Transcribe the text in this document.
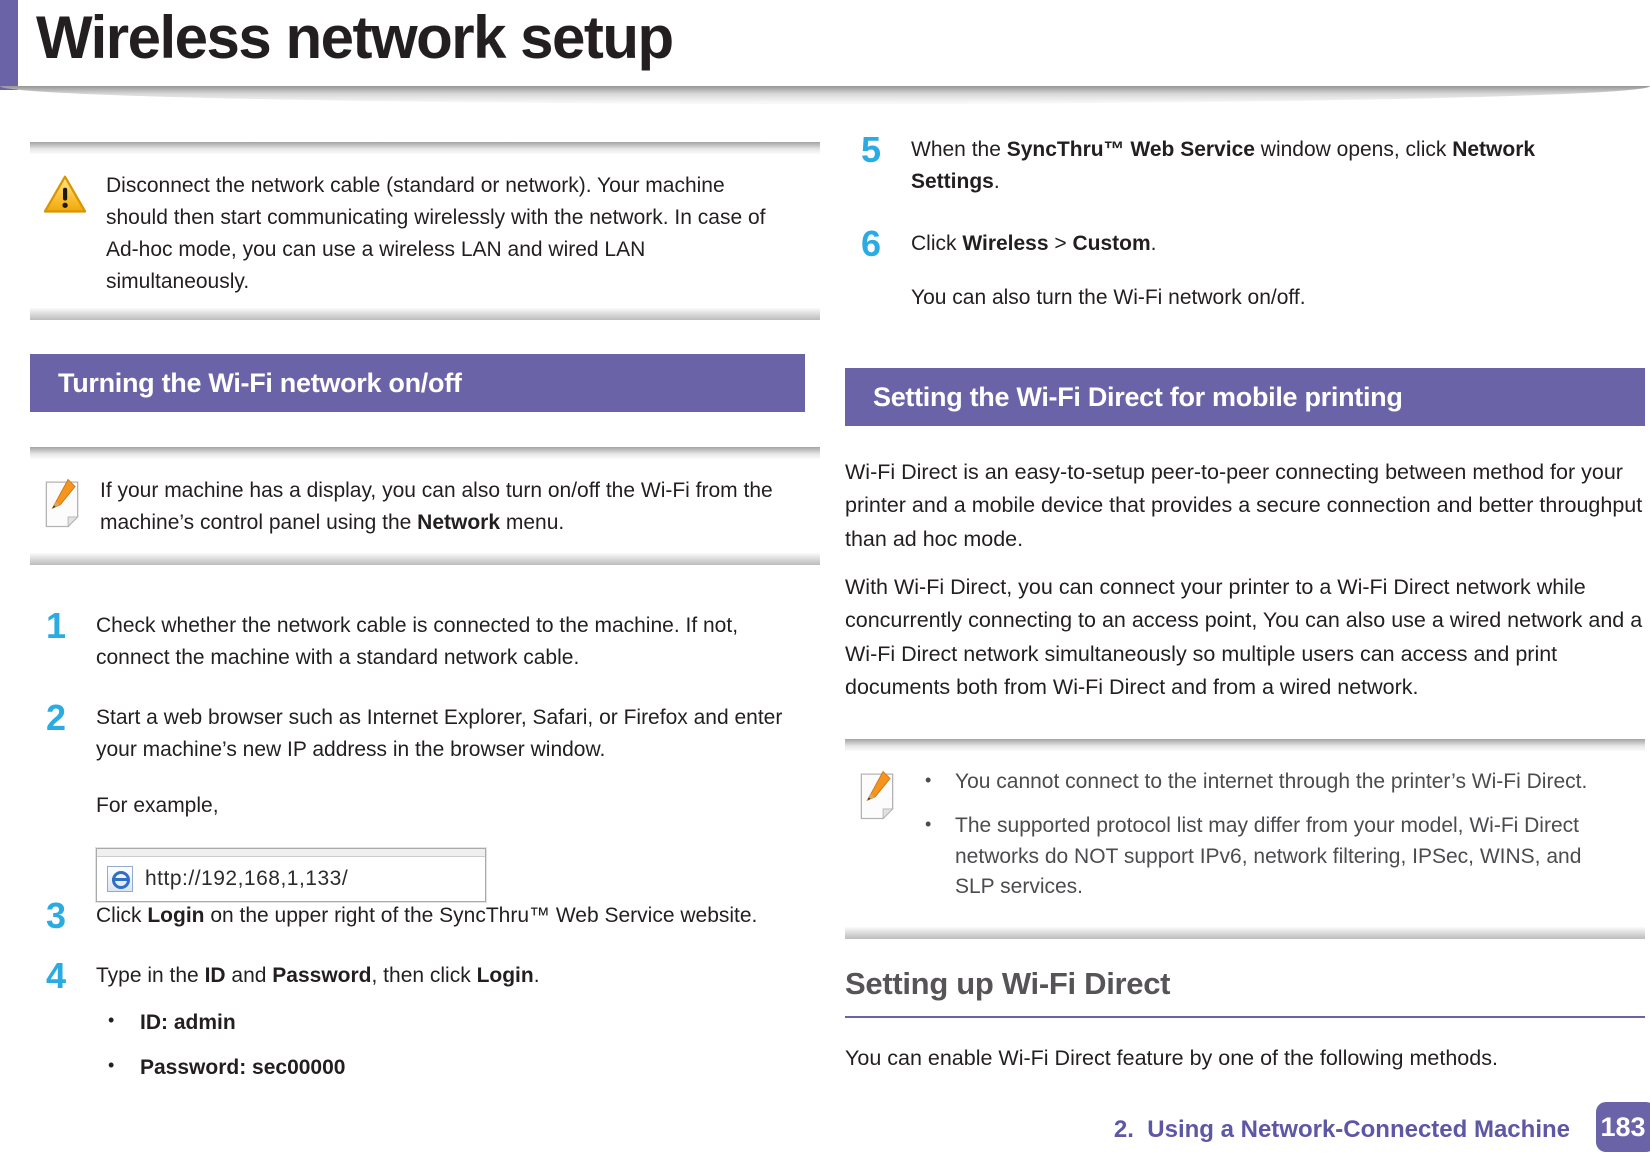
Wireless network setup

Disconnect the network cable (standard or network). Your machine should then start communicating wirelessly with the network. In case of Ad-hoc mode, you can use a wireless LAN and wired LAN simultaneously.

Turning the Wi-Fi network on/off

If your machine has a display, you can also turn on/off the Wi-Fi from the machine’s control panel using the Network menu.

1	Check whether the network cable is connected to the machine. If not, connect the machine with a standard network cable.

2	Start a web browser such as Internet Explorer, Safari, or Firefox and enter your machine’s new IP address in the browser window.

For example,

http://192,168,1,133/
3	Click Login on the upper right of the SyncThru™ Web Service website.

4	Type in the ID and Password, then click Login.

• ID: admin
• Password: sec00000
5	When the SyncThru™ Web Service window opens, click Network Settings.

6	Click Wireless > Custom.

You can also turn the Wi-Fi network on/off.

Setting the Wi-Fi Direct for mobile printing

Wi-Fi Direct is an easy-to-setup peer-to-peer connecting between method for your printer and a mobile device that provides a secure connection and better throughput than ad hoc mode.

With Wi-Fi Direct, you can connect your printer to a Wi-Fi Direct network while concurrently connecting to an access point, You can also use a wired network and a Wi-Fi Direct network simultaneously so multiple users can access and print documents both from Wi-Fi Direct and from a wired network.

• You cannot connect to the internet through the printer’s Wi-Fi Direct.
• The supported protocol list may differ from your model, Wi-Fi Direct networks do NOT support IPv6, network filtering, IPSec, WINS, and SLP services.
Setting up Wi-Fi Direct

You can enable Wi-Fi Direct feature by one of the following methods.

2.  Using a Network-Connected Machine 183
